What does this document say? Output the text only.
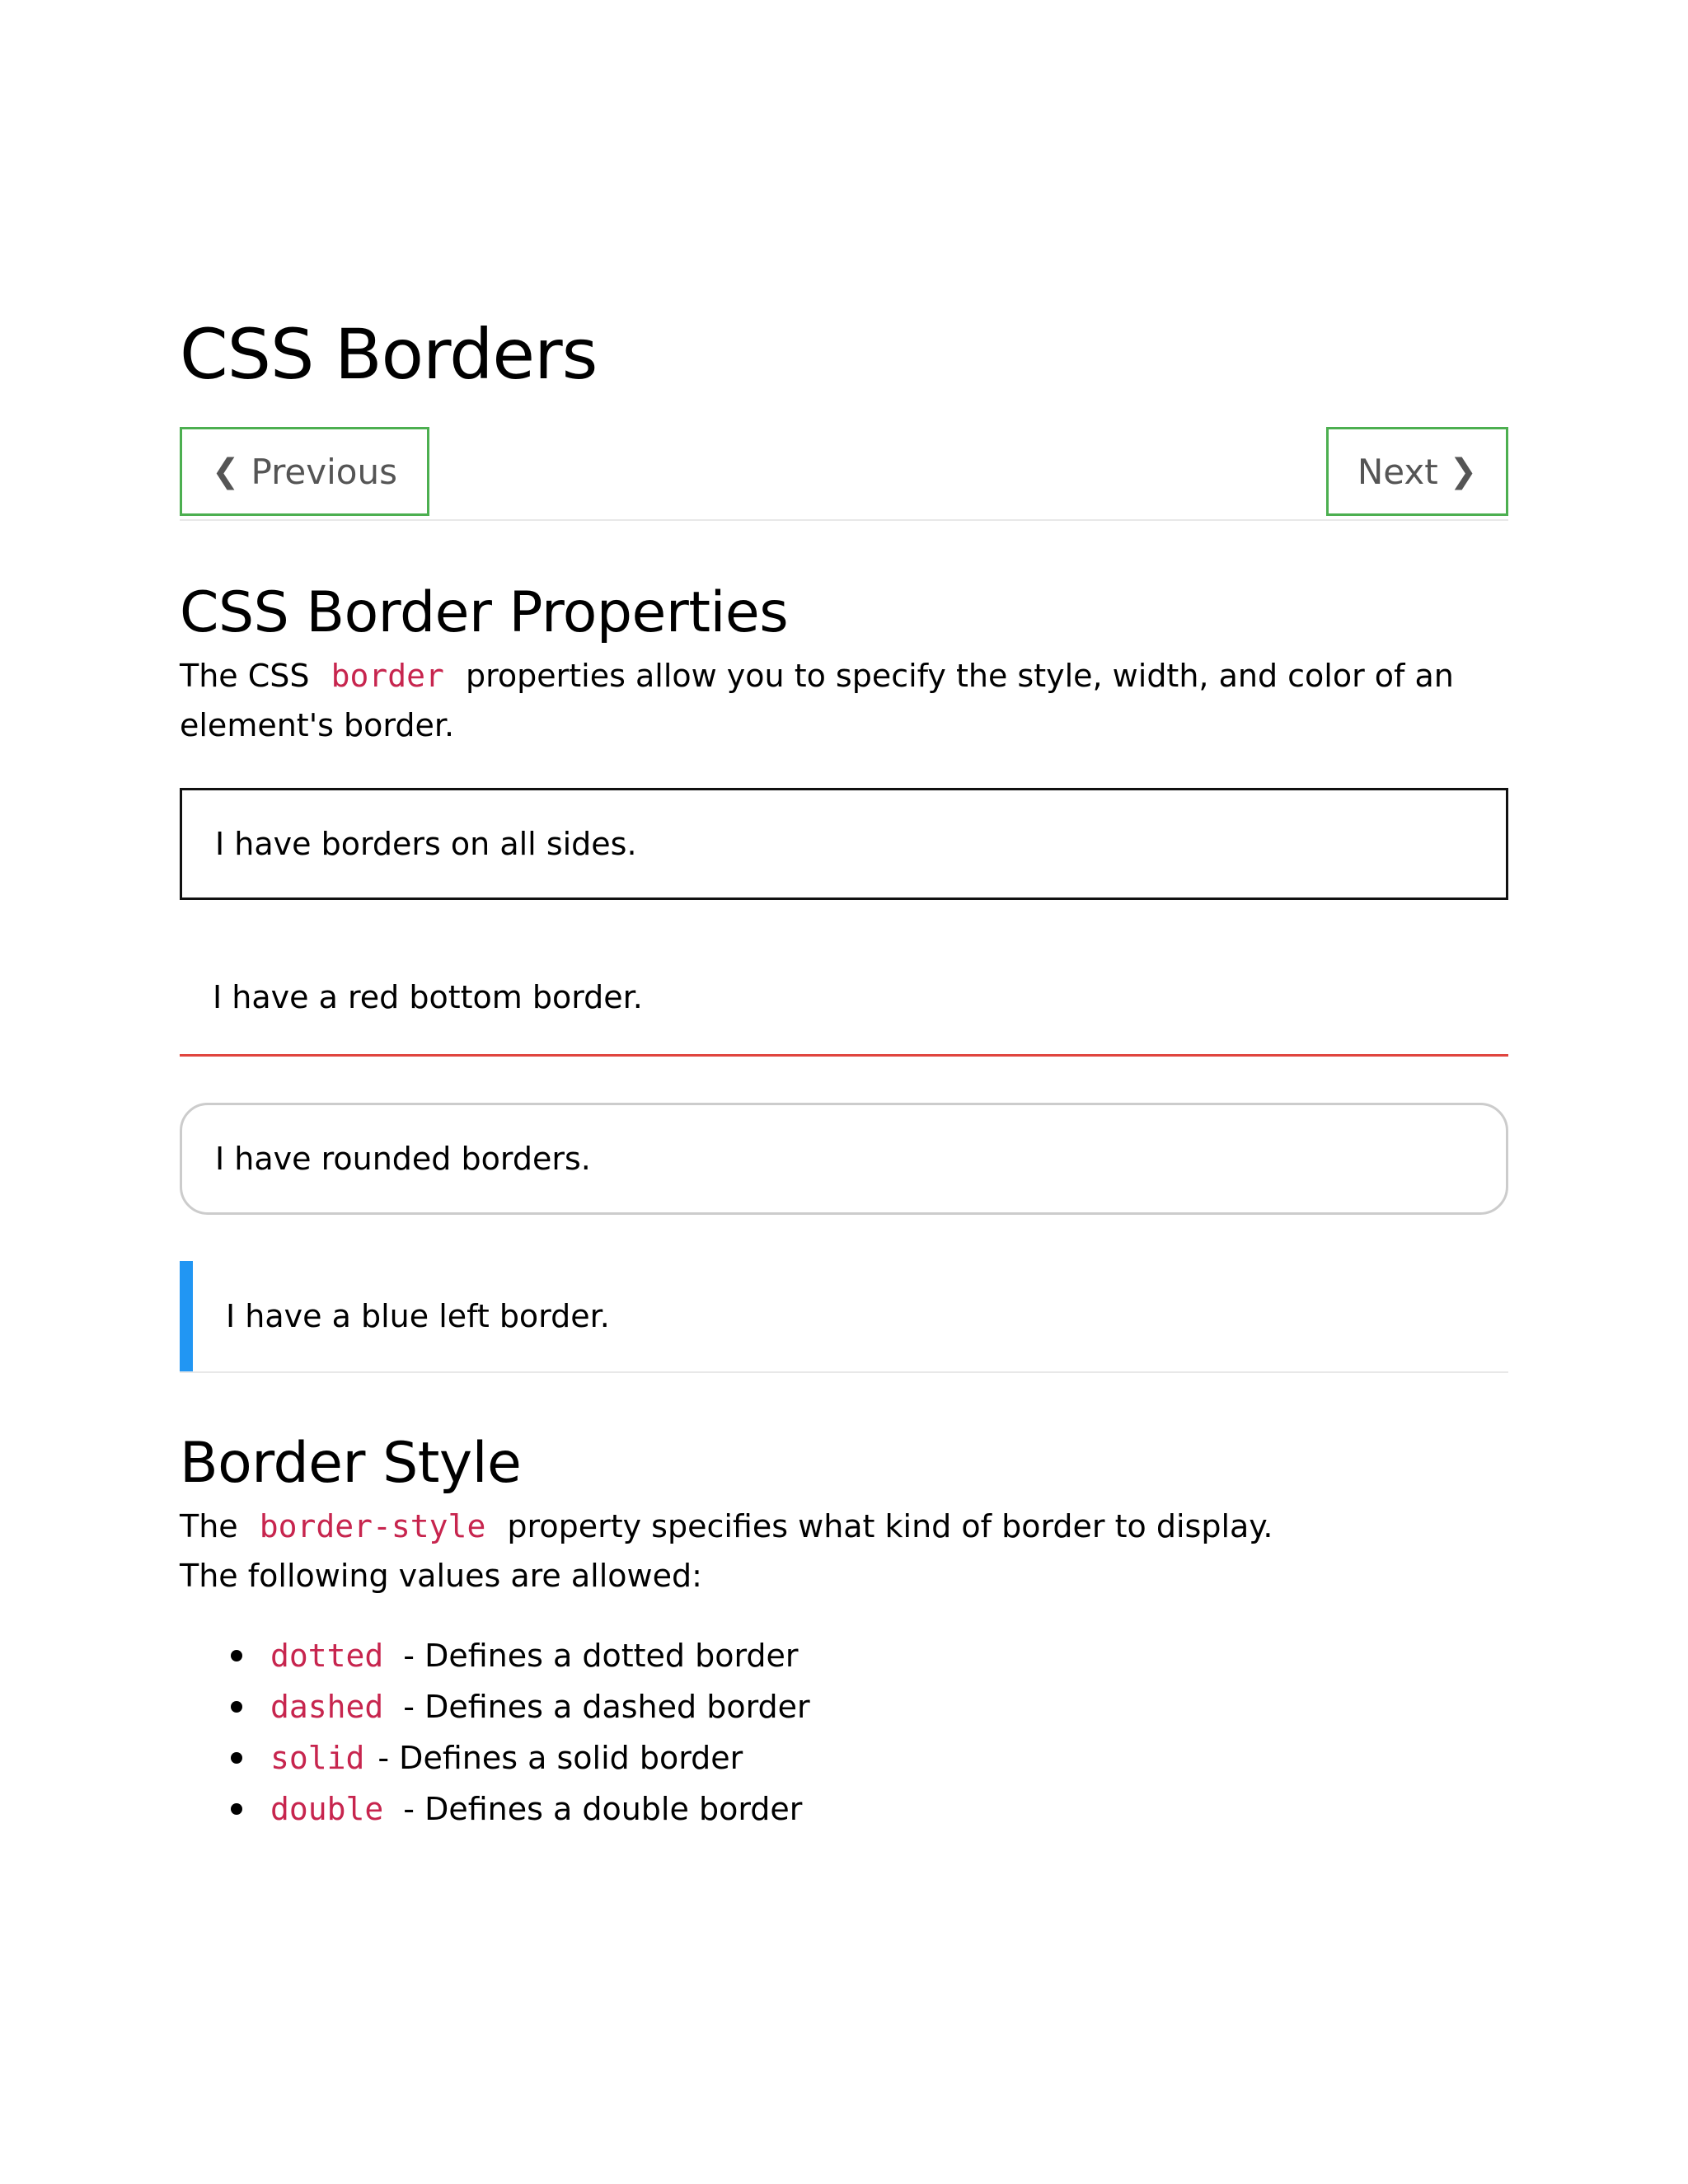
CSS Borders
❮ Previous	Next ❯
CSS Border Properties

The CSS border properties allow you to specify the style, width, and color of an element's border.

I have borders on all sides.
I have a red bottom border.
I have rounded borders.
I have a blue left border.
Border Style

The border-style property specifies what kind of border to display.

The following values are allowed:

dotted - Defines a dotted border
dashed - Defines a dashed border
solid - Defines a solid border
double - Defines a double border
